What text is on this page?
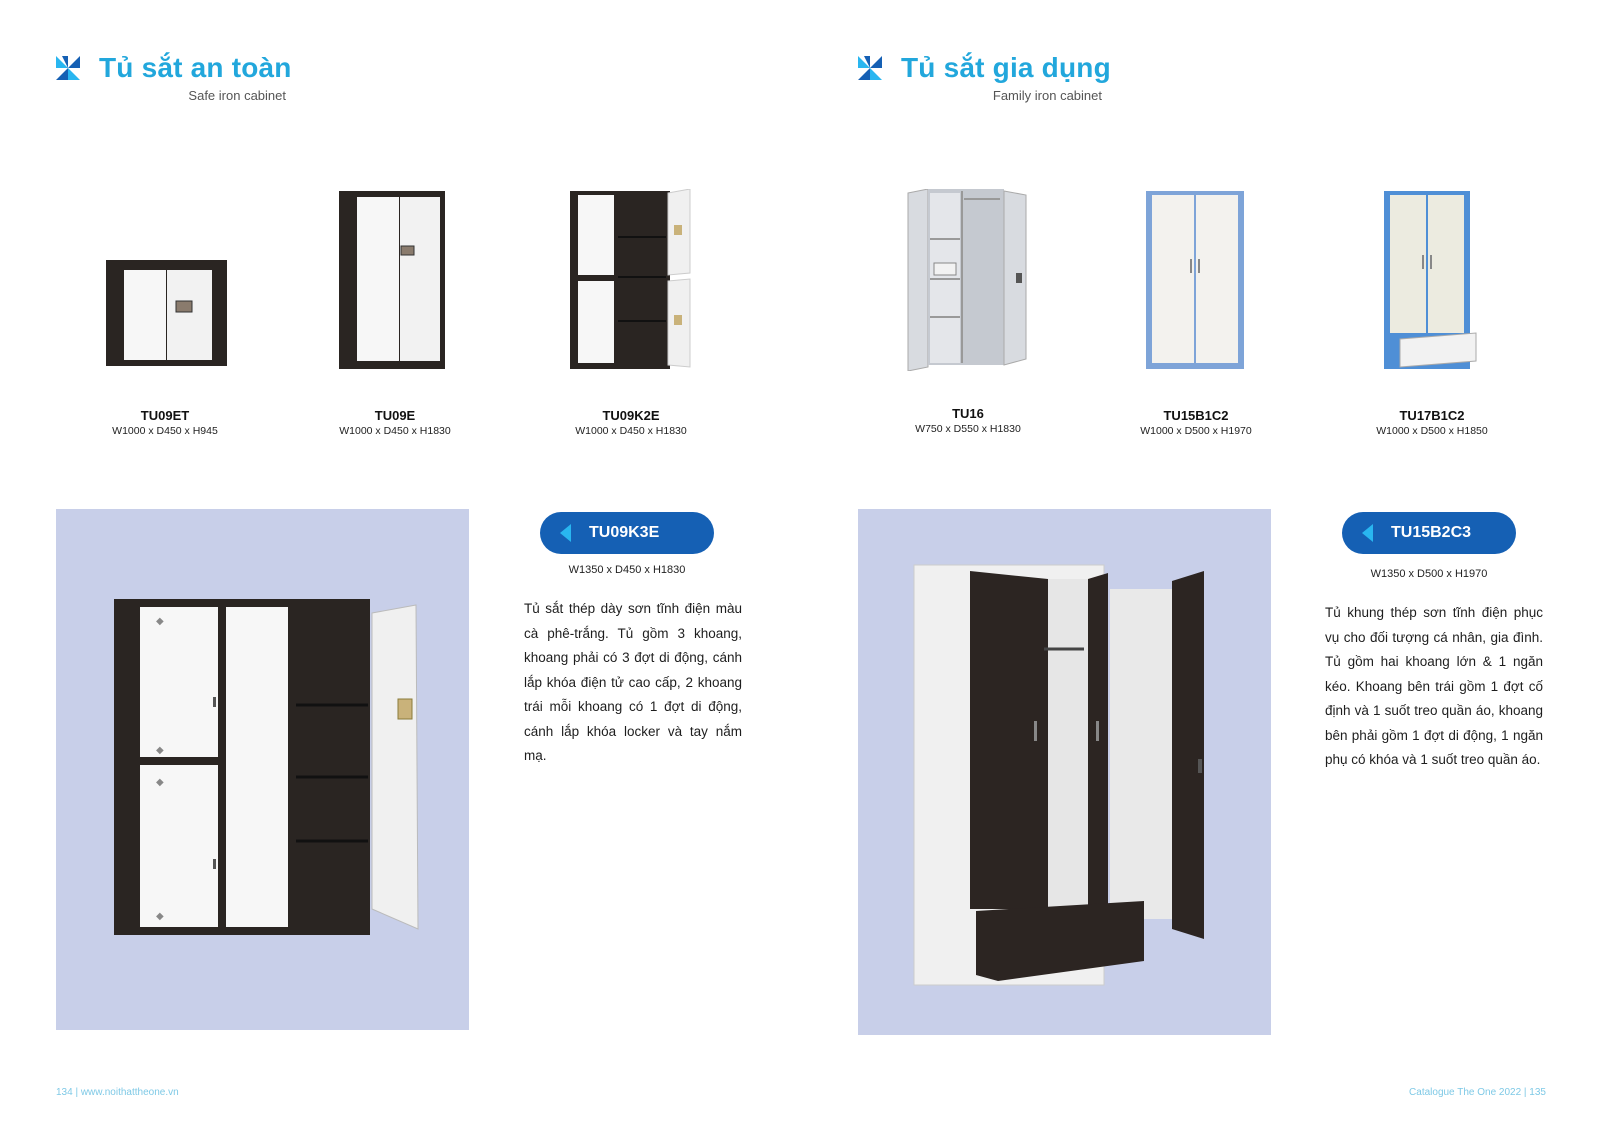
Tủ sắt an toàn
Safe iron cabinet
TU09ET
W1000 x D450 x H945
TU09E
W1000 x D450 x H1830
TU09K2E
W1000 x D450 x H1830
◆
◆
◆
◆
TU09K3E
W1350 x D450 x H1830
Tủ sắt thép dày sơn tĩnh điện màu cà phê-trắng. Tủ gồm 3 khoang, khoang phải có 3 đợt di động, cánh lắp khóa điện tử cao cấp, 2 khoang trái mỗi khoang có 1 đợt di động, cánh lắp khóa locker và tay nắm mạ.
134 | www.noithattheone.vn
Tủ sắt gia dụng
Family iron cabinet
TU16
W750 x D550 x H1830
TU15B1C2
W1000 x D500 x H1970
TU17B1C2
W1000 x D500 x H1850
TU15B2C3
W1350 x D500 x H1970
Tủ khung thép sơn tĩnh điện phục vụ cho đối tượng cá nhân, gia đình. Tủ gồm hai khoang lớn & 1 ngăn kéo. Khoang bên trái gồm 1 đợt cố định và 1 suốt treo quần áo, khoang bên phải gồm 1 đợt di động, 1 ngăn phụ có khóa và 1 suốt treo quần áo.
Catalogue The One 2022 | 135
